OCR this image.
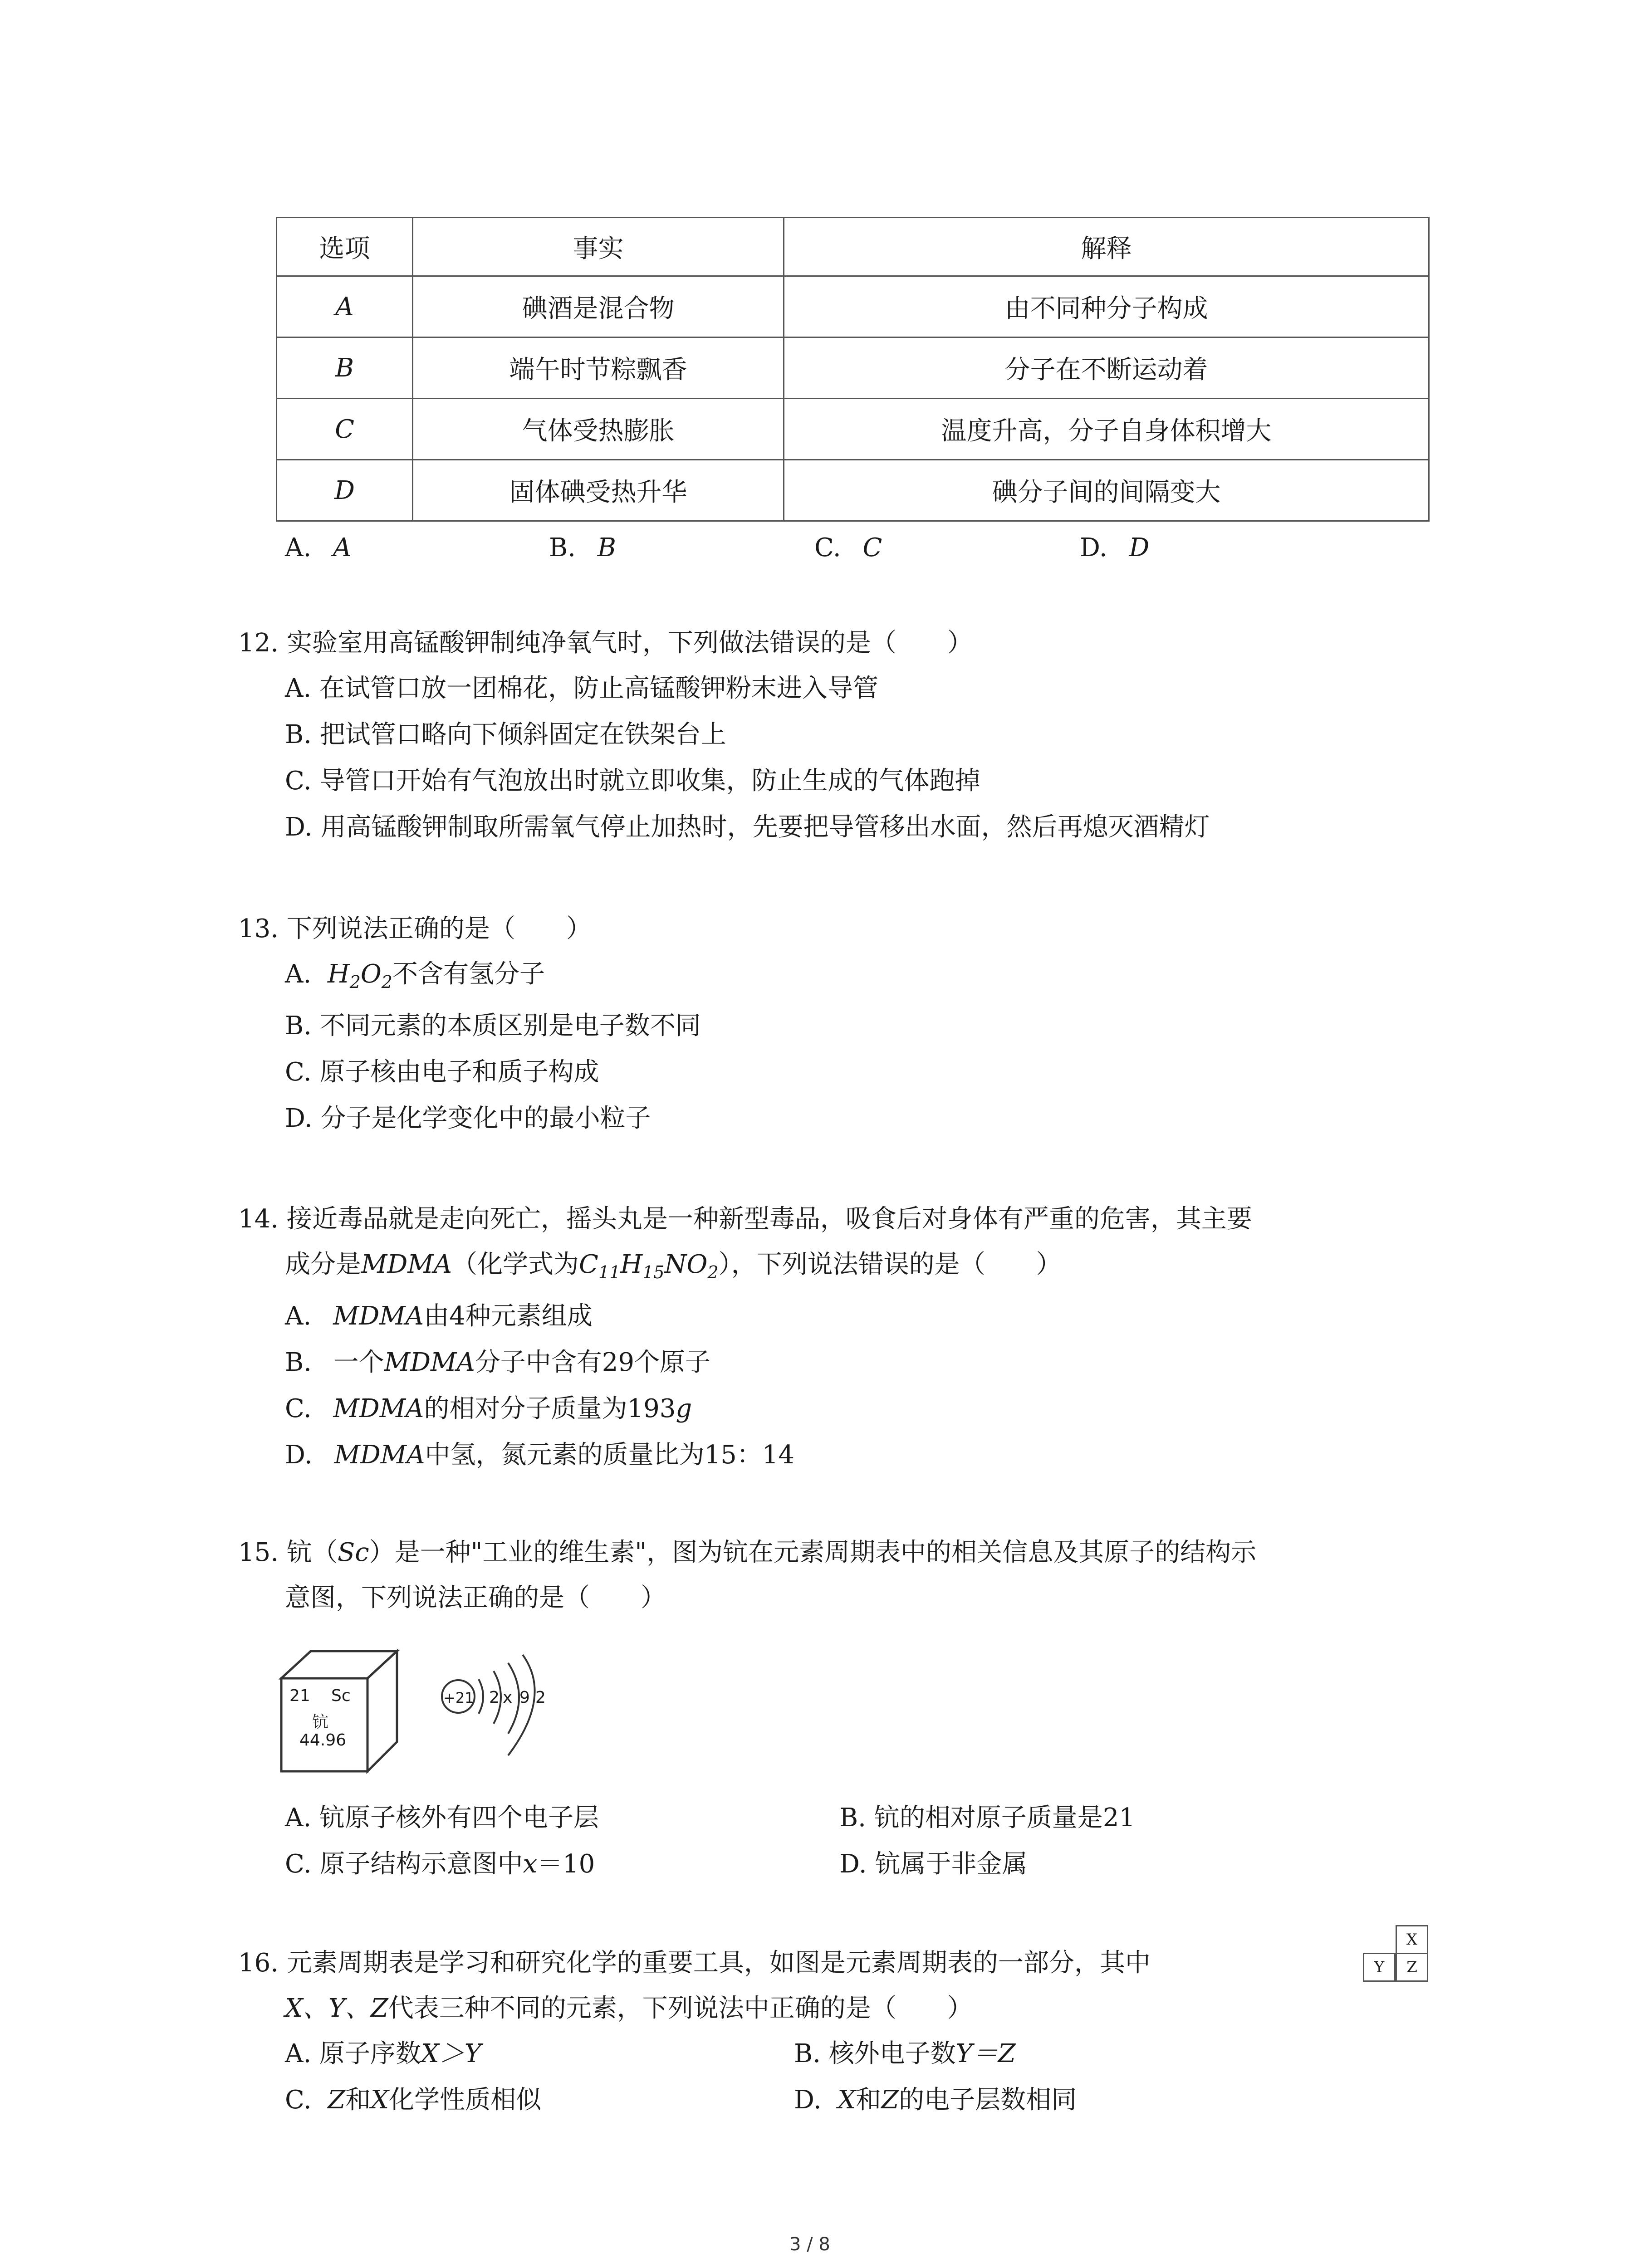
选项	事实	解释
A	碘酒是混合物	由不同种分子构成
B	端午时节粽飘香	分子在不断运动着
C	气体受热膨胀	温度升高，分子自身体积增大
D	固体碘受热升华	碘分子间的间隔变大
A. A	B. B	C. C	D. D
12. 实验室用高锰酸钾制纯净氧气时，下列做法错误的是（　　）
A. 在试管口放一团棉花，防止高锰酸钾粉末进入导管
B. 把试管口略向下倾斜固定在铁架台上
C. 导管口开始有气泡放出时就立即收集，防止生成的气体跑掉
D. 用高锰酸钾制取所需氧气停止加热时，先要把导管移出水面，然后再熄灭酒精灯
13. 下列说法正确的是（　　）
A.  $H_2O_2$不含有氢分子
B. 不同元素的本质区别是电子数不同
C. 原子核由电子和质子构成
D. 分子是化学变化中的最小粒子
14. 接近毒品就是走向死亡，摇头丸是一种新型毒品，吸食后对身体有严重的危害，其主要
成分是MDMA（化学式为$C_{11}H_{15}NO_2$），下列说法错误的是（　　）
A. MDMA由4种元素组成
B. 一个MDMA分子中含有29个原子
C. MDMA的相对分子质量为193g
D. MDMA中氢，氮元素的质量比为15：14
15. 钪（Sc）是一种"工业的维生素"，图为钪在元素周期表中的相关信息及其原子的结构示
意图，下列说法正确的是（　　）
21 Sc
钪
44.96
+21 2 x 9 2
A. 钪原子核外有四个电子层	B. 钪的相对原子质量是21
C. 原子结构示意图中x＝10	D. 钪属于非金属
16. 元素周期表是学习和研究化学的重要工具，如图是元素周期表的一部分，其中
X、Y、Z代表三种不同的元素，下列说法中正确的是（　　）
X
Y	Z
A. 原子序数X＞Y	B. 核外电子数Y＝Z
C.  Z和X化学性质相似	D.  X和Z的电子层数相同
3 / 8
